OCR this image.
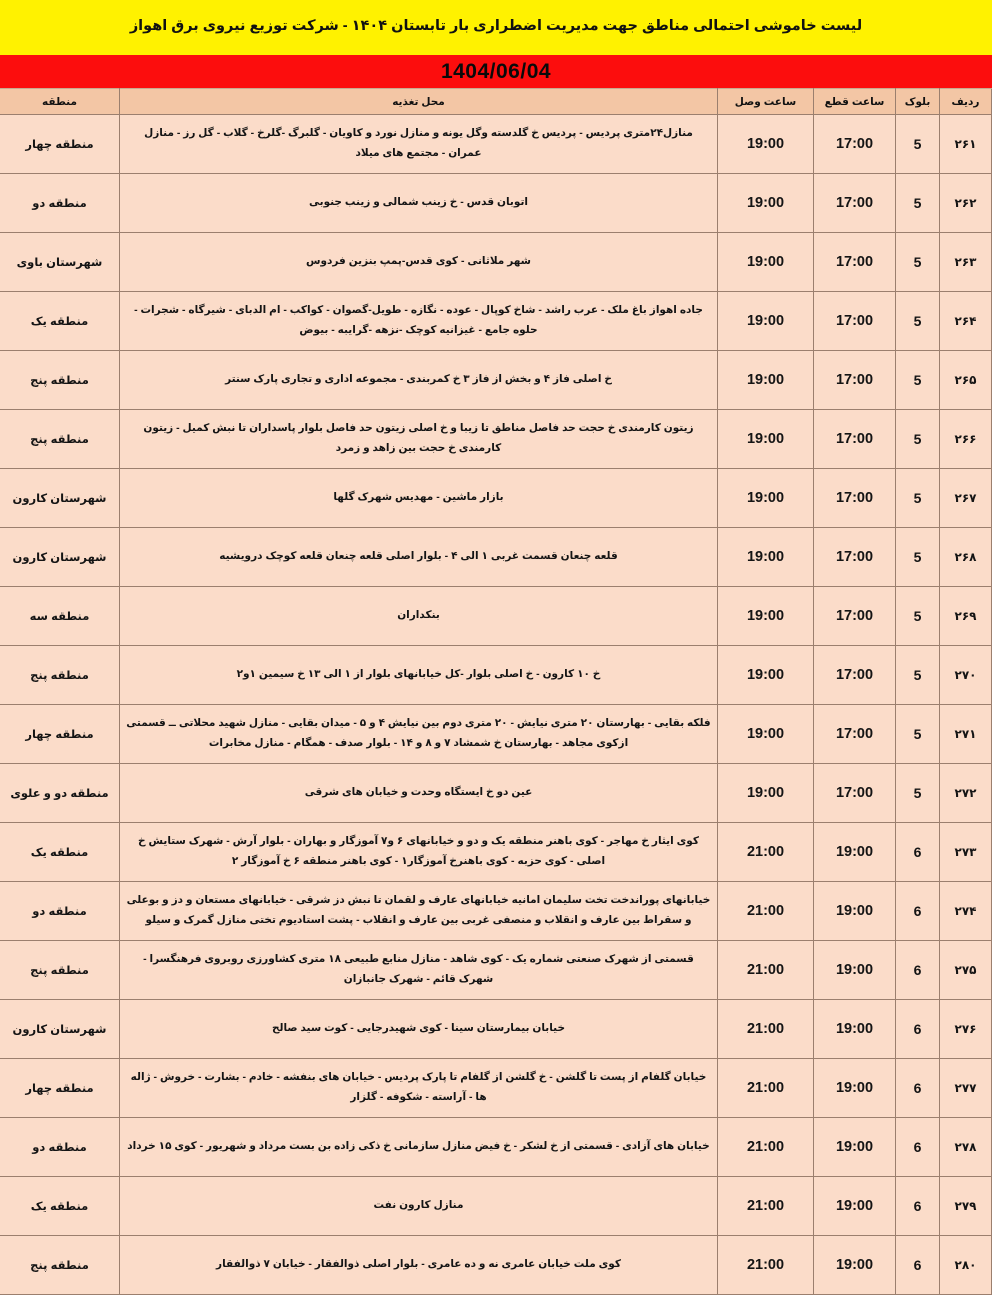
لیست خاموشی احتمالی مناطق جهت مدیریت اضطراری بار تابستان ۱۴۰۴ - شرکت توزیع نیروی برق اهواز
1404/06/04
ردیف	بلوک	ساعت قطع	ساعت وصل	محل تغذیه	منطقه
۲۶۱	5	17:00	19:00	منازل۲۴متری پردیس - پردیس خ گلدسته وگل یونه و منازل نورد و کاویان - گلبرگ -گلرخ - گلاب - گل رز - منازل عمران - مجتمع های میلاد	منطقه چهار
۲۶۲	5	17:00	19:00	اتوبان قدس - خ زینب شمالی و زینب جنوبی	منطقه دو
۲۶۳	5	17:00	19:00	شهر ملاثانی - کوی قدس-پمپ بنزین فردوس	شهرستان باوی
۲۶۴	5	17:00	19:00	جاده اهواز باغ ملک - عرب راشد - شاخ کوپال - عوده - نگازه - طویل-گصوان - کواکب - ام الدبای - شیرگاه - شجرات - حلوه جامع - غیزانیه کوچک -نزهه -گرایبه - بیوض	منطقه یک
۲۶۵	5	17:00	19:00	خ اصلی فاز ۴ و بخش از فاز ۳ خ کمربندی - مجموعه اداری و تجاری پارک سنتر	منطقه پنج
۲۶۶	5	17:00	19:00	زیتون کارمندی خ حجت حد فاصل مناطق تا زیبا و خ اصلی زیتون حد فاصل بلوار پاسداران تا نبش کمیل - زیتون کارمندی خ حجت بین زاهد و زمرد	منطقه پنج
۲۶۷	5	17:00	19:00	بازار ماشین - مهدیس شهرک گلها	شهرستان کارون
۲۶۸	5	17:00	19:00	قلعه چنعان قسمت غربی ۱ الی ۴ - بلوار اصلی قلعه چنعان قلعه کوچک درویشیه	شهرستان کارون
۲۶۹	5	17:00	19:00	بنکداران	منطقه سه
۲۷۰	5	17:00	19:00	خ ۱۰ کارون - خ اصلی بلوار -کل خیابانهای بلوار از ۱ الی ۱۳ خ سیمین ۱و۲	منطقه پنج
۲۷۱	5	17:00	19:00	فلکه بقایی - بهارستان ۲۰ متری نیایش - ۲۰ متری دوم بین نیایش ۴ و ۵ - میدان بقایی - منازل شهید محلاتی ــ قسمتی ازکوی مجاهد - بهارستان خ شمشاد ۷ و ۸ و ۱۴ - بلوار صدف - همگام - منازل مخابرات	منطقه چهار
۲۷۲	5	17:00	19:00	عین دو خ ایستگاه وحدت و خیابان های شرقی	منطقه دو و علوی
۲۷۳	6	19:00	21:00	کوی ایثار خ مهاجر - کوی باهنر منطقه یک و دو و خیابانهای ۶ و۷ آموزگار و بهاران - بلوار آرش - شهرک ستایش خ اصلی - کوی حزبه - کوی باهنرخ آموزگار۱ - کوی باهنر منطقه ۶ خ آموزگار ۲	منطقه یک
۲۷۴	6	19:00	21:00	خیابانهای پوراندخت تخت سلیمان امانیه خیابانهای عارف و لقمان تا نبش دز شرقی - خیابانهای مستعان و دز و بوعلی و سقراط بین عارف و انقلاب و منصفی غربی بین عارف و انقلاب - پشت استادیوم تختی منازل گمرک و سیلو	منطقه دو
۲۷۵	6	19:00	21:00	قسمتی از شهرک صنعتی شماره یک - کوی شاهد - منازل منابع طبیعی ۱۸ متری کشاورزی روبروی فرهنگسرا - شهرک قائم - شهرک جانبازان	منطقه پنج
۲۷۶	6	19:00	21:00	خیابان بیمارستان سینا - کوی شهیدرجایی - کوت سید صالح	شهرستان کارون
۲۷۷	6	19:00	21:00	خیابان گلفام از پست تا گلشن - خ گلشن از گلفام تا پارک پردیس - خیابان های بنفشه - خادم - بشارت - خروش - ژاله ها - آراسته - شکوفه - گلزار	منطقه چهار
۲۷۸	6	19:00	21:00	خیابان های آزادی - قسمتی از خ لشکر - خ فیض منازل سازمانی خ ذکی زاده بن بست مرداد و شهریور - کوی ۱۵ خرداد	منطقه دو
۲۷۹	6	19:00	21:00	منازل کارون نفت	منطقه یک
۲۸۰	6	19:00	21:00	کوی ملت خیابان عامری نه و ده عامری - بلوار اصلی ذوالفقار - خیابان ۷ ذوالفقار	منطقه پنج
